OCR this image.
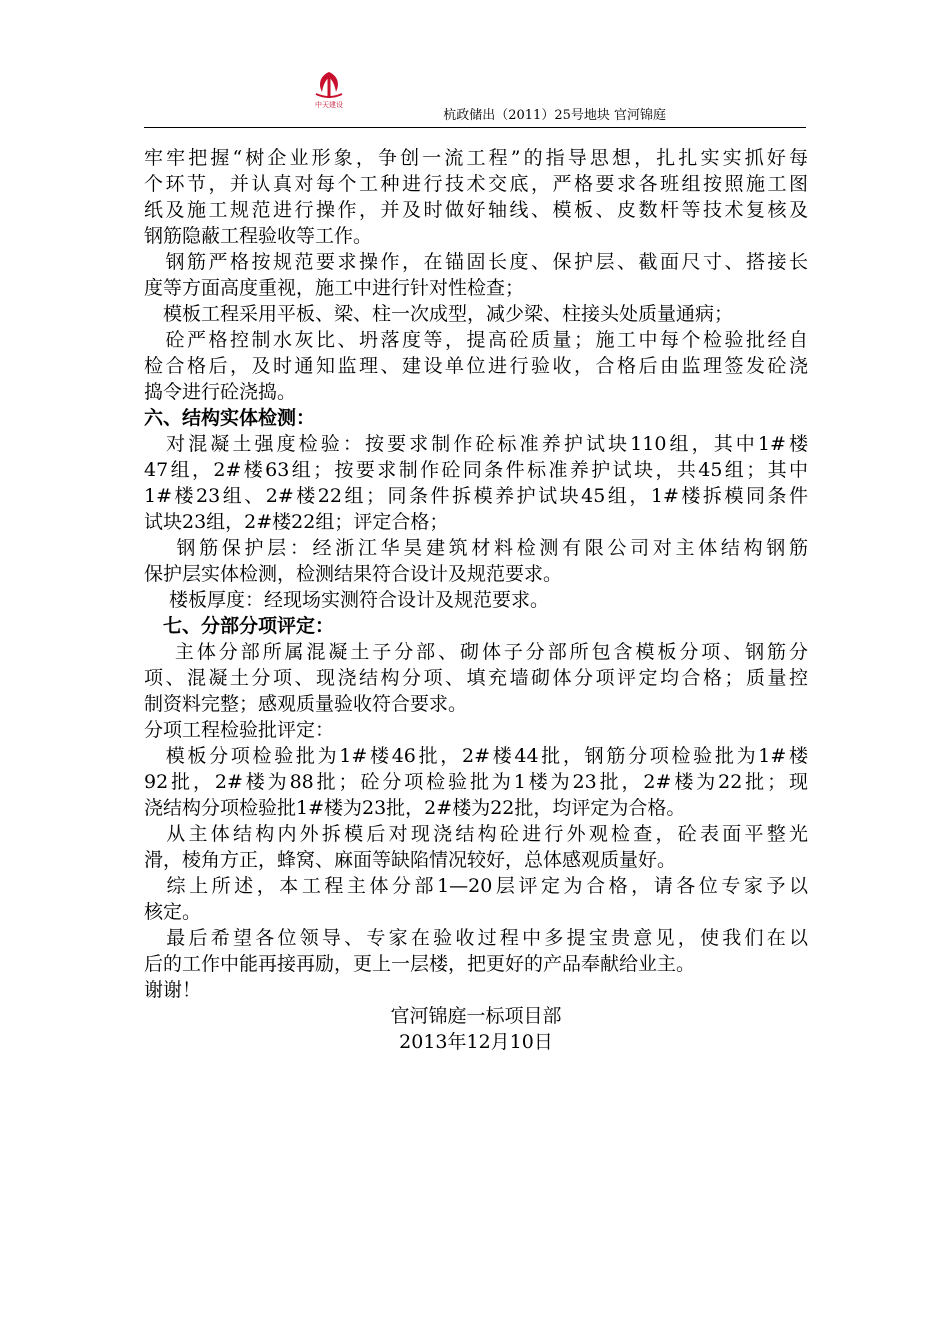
中天建设
杭政储出（2011）25号地块 官河锦庭
牢牢把握“树企业形象，争创一流工程”的指导思想，扎扎实实抓好每
个环节，并认真对每个工种进行技术交底，严格要求各班组按照施工图
纸及施工规范进行操作，并及时做好轴线、模板、皮数杆等技术复核及
钢筋隐蔽工程验收等工作。
　钢筋严格按规范要求操作，在锚固长度、保护层、截面尺寸、搭接长
度等方面高度重视，施工中进行针对性检查；
　模板工程采用平板、梁、柱一次成型，减少梁、柱接头处质量通病；
　砼严格控制水灰比、坍落度等，提高砼质量；施工中每个检验批经自
检合格后，及时通知监理、建设单位进行验收，合格后由监理签发砼浇
捣令进行砼浇捣。
六、结构实体检测：
　对混凝土强度检验：按要求制作砼标准养护试块110组，其中1#楼
47组，2#楼63组；按要求制作砼同条件标准养护试块，共45组；其中
1#楼23组、2#楼22组；同条件拆模养护试块45组，1#楼拆模同条件
试块23组，2#楼22组；评定合格；
　 钢筋保护层：经浙江华昊建筑材料检测有限公司对主体结构钢筋
保护层实体检测，检测结果符合设计及规范要求。
　 楼板厚度：经现场实测符合设计及规范要求。
　七、分部分项评定：
　 主体分部所属混凝土子分部、砌体子分部所包含模板分项、钢筋分
项、混凝土分项、现浇结构分项、填充墙砌体分项评定均合格；质量控
制资料完整；感观质量验收符合要求。
分项工程检验批评定：
　模板分项检验批为1#楼46批，2#楼44批，钢筋分项检验批为1#楼
92批，2#楼为88批；砼分项检验批为1楼为23批，2#楼为22批；现
浇结构分项检验批1#楼为23批，2#楼为22批，均评定为合格。
　从主体结构内外拆模后对现浇结构砼进行外观检查，砼表面平整光
滑，棱角方正，蜂窝、麻面等缺陷情况较好，总体感观质量好。
　综上所述，本工程主体分部1—20层评定为合格，请各位专家予以
核定。
　最后希望各位领导、专家在验收过程中多提宝贵意见，使我们在以
后的工作中能再接再励，更上一层楼，把更好的产品奉献给业主。
谢谢！
官河锦庭一标项目部
2013年12月10日
